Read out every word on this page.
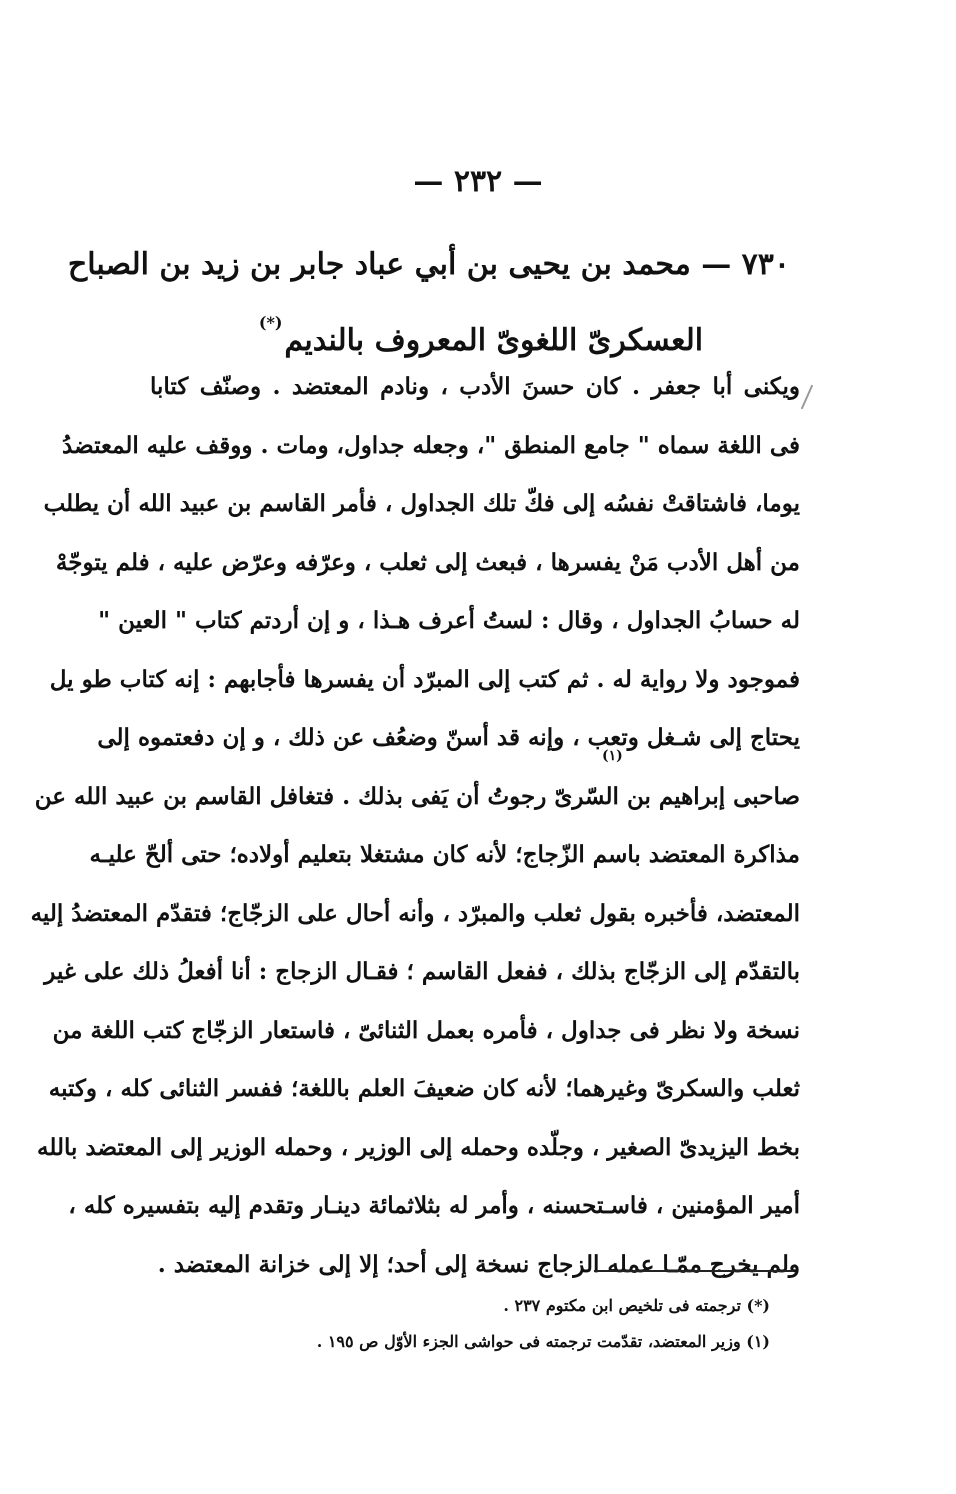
— ٢٣٢ —
٧٣٠ — محمد بن يحيى بن أبي عباد جابر بن زيد بن الصباح
العسكرىّ اللغوىّ المعروف بالنديم(*)
ويكنى أبا جعفر . كان حسنَ الأدب ، ونادم المعتضد . وصنّف كتابا
فى اللغة سماه " جامع المنطق "، وجعله جداول، ومات . ووقف عليه المعتضدُ
يوما، فاشتاقتْ نفسُه إلى فكّ تلك الجداول ، فأمر القاسم بن عبيد الله أن يطلب
من أهل الأدب مَنْ يفسرها ، فبعث إلى ثعلب ، وعرّفه وعرّض عليه ، فلم يتوجّهْ
له حسابُ الجداول ، وقال : لستُ أعرف هـذا ، و إن أردتم كتاب " العين "
فموجود ولا رواية له . ثم كتب إلى المبرّد أن يفسرها فأجابهم : إنه كتاب طو يل
يحتاج إلى شـغل وتعب ، وإنه قد أسنّ وضعُف عن ذلك ، و إن دفعتموه إلى
صاحبى إبراهيم بن السّرىّ رجوتُ أن يَفى بذلك . فتغافل القاسم بن عبيد الله عن
مذاكرة المعتضد باسم الزّجاج؛ لأنه كان مشتغلا بتعليم أولاده؛ حتى ألحّ عليـه
المعتضد، فأخبره بقول ثعلب والمبرّد ، وأنه أحال على الزجّاج؛ فتقدّم المعتضدُ إليه
بالتقدّم إلى الزجّاج بذلك ، ففعل القاسم ؛ فقـال الزجاج : أنا أفعلُ ذلك على غير
نسخة ولا نظر فى جداول ، فأمره بعمل الثنائىّ ، فاستعار الزجّاج كتب اللغة من
ثعلب والسكرىّ وغيرهما؛ لأنه كان ضعيفَ العلم باللغة؛ ففسر الثنائى كله ، وكتبه
بخط اليزيدىّ الصغير ، وجلّده وحمله إلى الوزير ، وحمله الوزير إلى المعتضد بالله
أمير المؤمنين ، فاسـتحسنه ، وأمر له بثلاثمائة دينـار وتقدم إليه بتفسيره كله ،
ولم يخرج ممّـا عمله الزجاج نسخة إلى أحد؛ إلا إلى خزانة المعتضد .
(١)
(*) ترجمته فى تلخيص ابن مكتوم ٢٣٧ .
(١) وزير المعتضد، تقدّمت ترجمته فى حواشى الجزء الأوّل ص ١٩٥ .
